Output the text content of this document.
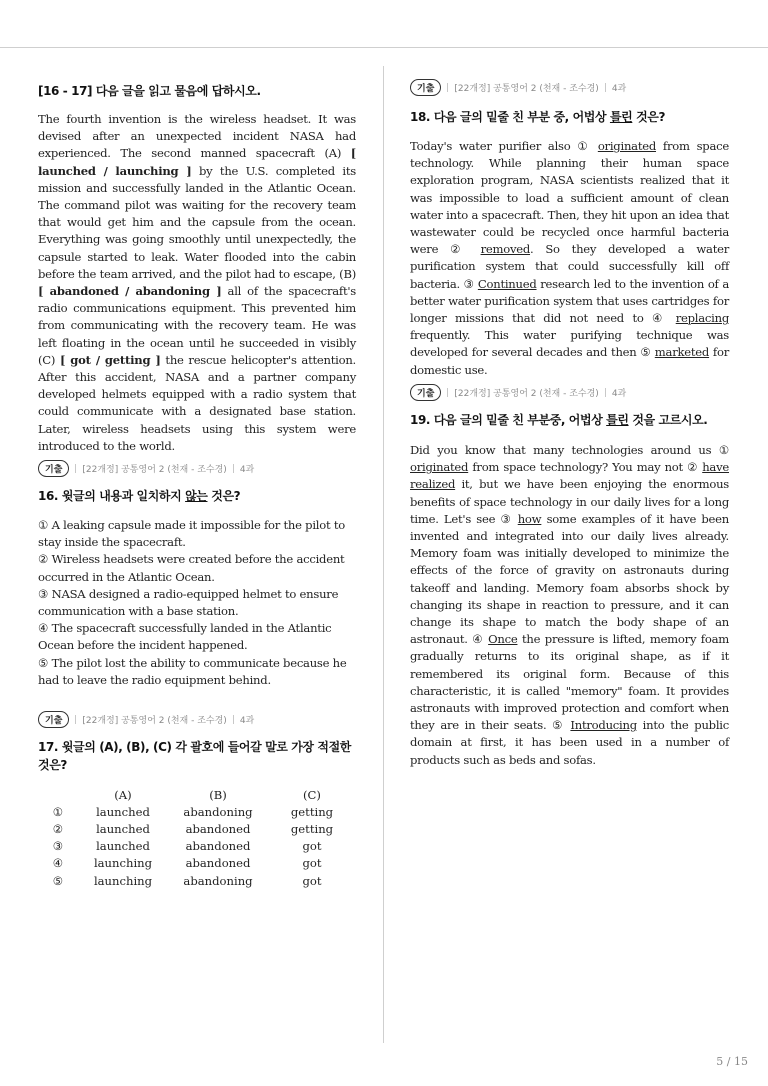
[16 - 17] 다음 글을 읽고 물음에 답하시오.

The fourth invention is the wireless headset. It was devised after an unexpected incident NASA had experienced. The second manned spacecraft (A) [ launched / launching ] by the U.S. completed its mission and successfully landed in the Atlantic Ocean. The command pilot was waiting for the recovery team that would get him and the capsule from the ocean. Everything was going smoothly until unexpectedly, the capsule started to leak. Water flooded into the cabin before the team arrived, and the pilot had to escape, (B) [ abandoned / abandoning ] all of the spacecraft's radio communications equipment. This prevented him from communicating with the recovery team. He was left floating in the ocean until he succeeded in visibly (C) [ got / getting ] the rescue helicopter's attention. After this accident, NASA and a partner company developed helmets equipped with a radio system that could communicate with a designated base station. Later, wireless headsets using this system were introduced to the world.

기출	[22개정] 공통영어 2 (천재 - 조수경) 4과
16. 윗글의 내용과 일치하지 않는 것은?
① A leaking capsule made it impossible for the pilot to stay inside the spacecraft.
② Wireless headsets were created before the accident occurred in the Atlantic Ocean.
③ NASA designed a radio-equipped helmet to ensure communication with a base station.
④ The spacecraft successfully landed in the Atlantic Ocean before the incident happened.
⑤ The pilot lost the ability to communicate because he had to leave the radio equipment behind.
기출	[22개정] 공통영어 2 (천재 - 조수경) 4과
17. 윗글의 (A), (B), (C) 각 괄호에 들어갈 말로 가장 적절한 것은?
	(A)	(B)	(C)
①	launched	abandoning	getting
②	launched	abandoned	getting
③	launched	abandoned	got
④	launching	abandoned	got
⑤	launching	abandoning	got
기출	[22개정] 공통영어 2 (천재 - 조수경) 4과
18. 다음 글의 밑줄 친 부분 중, 어법상 틀린 것은?

Today's water purifier also ① originated from space technology. While planning their human space exploration program, NASA scientists realized that it was impossible to load a sufficient amount of clean water into a spacecraft. Then, they hit upon an idea that wastewater could be recycled once harmful bacteria were ② removed. So they developed a water purification system that could successfully kill off bacteria. ③ Continued research led to the invention of a better water purification system that uses cartridges for longer missions that did not need to ④ replacing frequently. This water purifying technique was developed for several decades and then ⑤ marketed for domestic use.

기출	[22개정] 공통영어 2 (천재 - 조수경) 4과
19. 다음 글의 밑줄 친 부분중, 어법상 틀린 것을 고르시오.

Did you know that many technologies around us ① originated from space technology? You may not ② have realized it, but we have been enjoying the enormous benefits of space technology in our daily lives for a long time. Let's see ③ how some examples of it have been invented and integrated into our daily lives already. Memory foam was initially developed to minimize the effects of the force of gravity on astronauts during takeoff and landing. Memory foam absorbs shock by changing its shape in reaction to pressure, and it can change its shape to match the body shape of an astronaut. ④ Once the pressure is lifted, memory foam gradually returns to its original shape, as if it remembered its original form. Because of this characteristic, it is called "memory" foam. It provides astronauts with improved protection and comfort when they are in their seats. ⑤ Introducing into the public domain at first, it has been used in a number of products such as beds and sofas.

5 / 15
